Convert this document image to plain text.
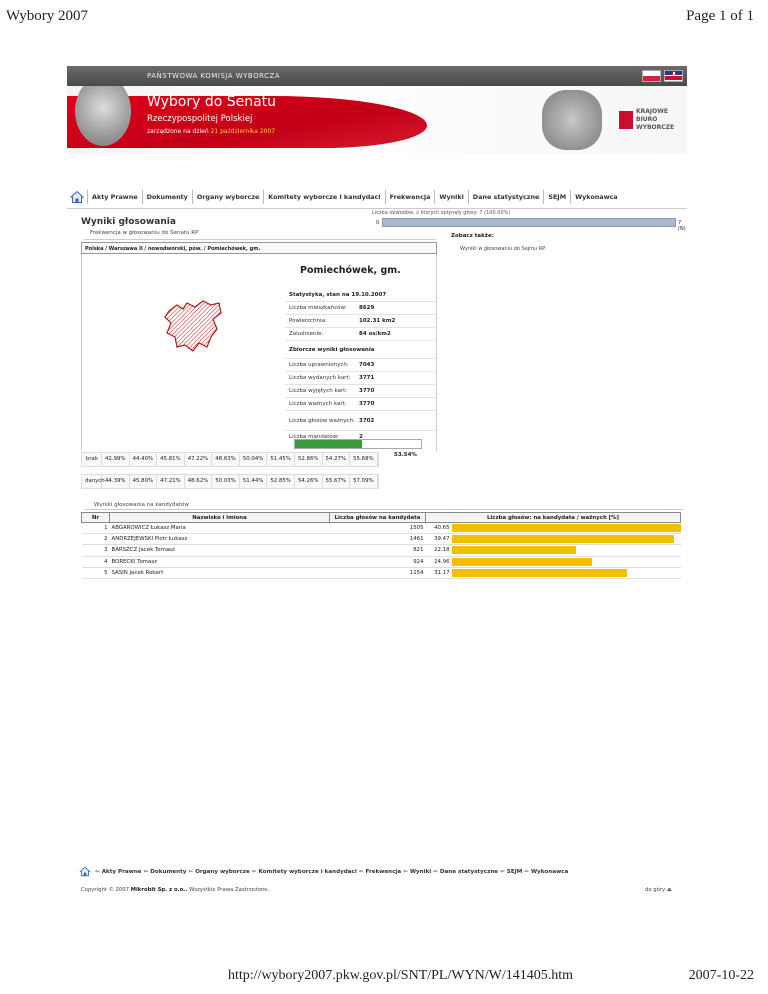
Wybory 2007	Page 1 of 1
PAŃSTWOWA KOMISJA WYBORCZA
Wybory do Senatu
Rzeczypospolitej Polskiej
zarządzone na dzień 21 października 2007
KRAJOWE
BIURO
WYBORCZE
Akty Prawne	Dokumenty	Organy wyborcze	Komitety wyborcze i kandydaci	Frekwencja	Wyniki	Dane statystyczne	SEJM	Wykonawca
Wyniki głosowania
Liczba obwodów, z których spłynęły głosy: 7 (100.00%)
0	7 (N)
Frekwencja w głosowaniu do Senatu RP	Zobacz także:
Wyniki w głosowaniu do Sejmu RP
Polska / Warszawa II / nowodworski, pow. / Pomiechówek, gm.
Pomiechówek, gm.
Statystyka, stan na 19.10.2007
Liczba mieszkańców:	8629
Powierzchnia:	102.31 km2
Zaludnienie:	84 os/km2
Zbiorcze wyniki głosowania
Liczba uprawnionych:	7043
Liczba wydanych kart:	3771
Liczba wyjętych kart:	3770
Liczba ważnych kart:	3770
Liczba głosów ważnych: 3702
Liczba mandatów:	2
53.54%
brak	42.99%	44.40%	45.81%	47.22%	48.63%	50.04%	51.45%	52.86%	54.27%	55.68%
danych 44.39%	45.80%	47.21%	48.62%	50.03%	51.44%	52.85%	54.26%	55.67%	57.09%
Wyniki głosowania na kandydatów
Nr	Nazwisko i imiona	Liczba głosów na kandydata	Liczba głosów: na kandydata / ważnych [%]	
1	ABGAROWICZ Łukasz Maria	1505	40.65	

2	ANDRZEJEWSKI Piotr Łukasz	1461	39.47	

3	BARSZCZ Jacek Tomasz	821	22.18	

4	BORECKI Tomasz	924	24.96	

5	SASIN Jacek Robert	1154	31.17	
⇐ Akty Prawne ⇐ Dokumenty ⇐ Organy wyborcze ⇐ Komitety wyborcze i kandydaci ⇐ Frekwencja ⇐ Wyniki ⇐ Dane statystyczne ⇐ SEJM ⇐ Wykonawca
Copyright © 2007 Mikrobit Sp. z o.o.. Wszystkie Prawa Zastrzeżone.	do góry ⏏
http://wybory2007.pkw.gov.pl/SNT/PL/WYN/W/141405.htm	2007-10-22
